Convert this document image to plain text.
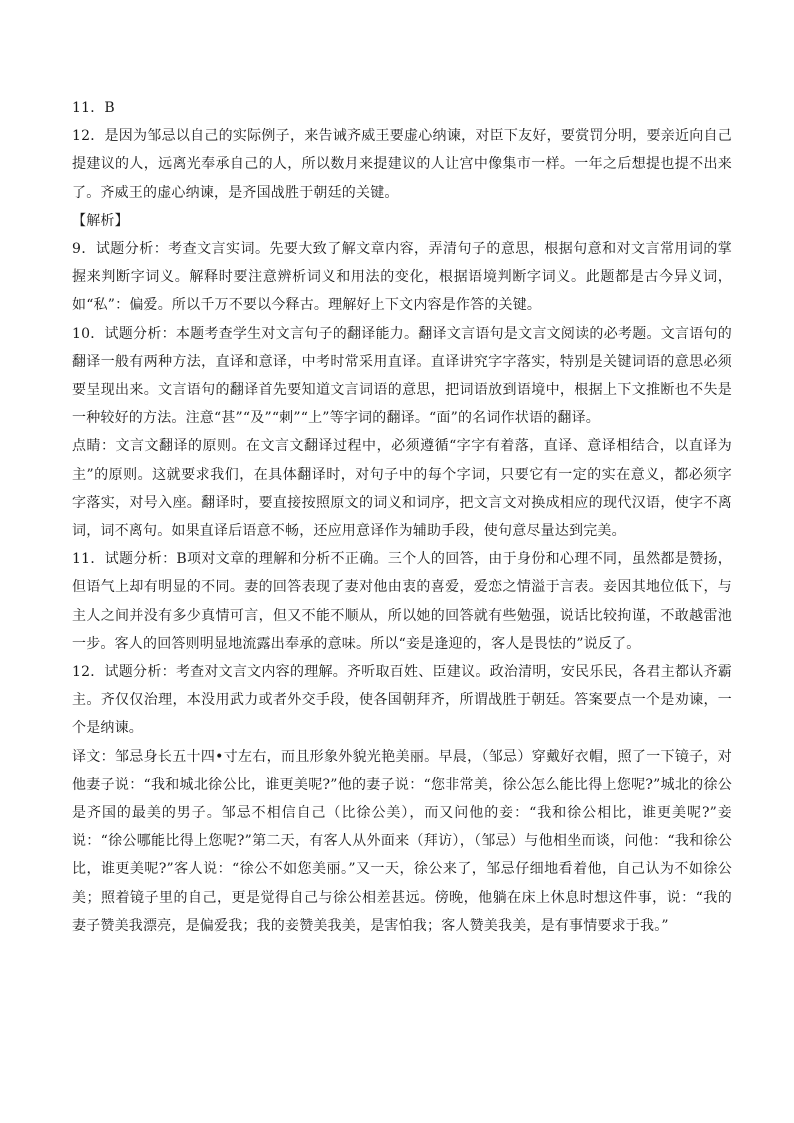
11．B

12．是因为邹忌以自己的实际例子，来告诫齐威王要虚心纳谏，对臣下友好，要赏罚分明，要亲近向自己提建议的人，远离光奉承自己的人，所以数月来提建议的人让宫中像集市一样。一年之后想提也提不出来了。齐威王的虚心纳谏，是齐国战胜于朝廷的关键。

【解析】

9．试题分析：考查文言实词。先要大致了解文章内容，弄清句子的意思，根据句意和对文言常用词的掌握来判断字词义。解释时要注意辨析词义和用法的变化，根据语境判断字词义。此题都是古今异义词，如“私”：偏爱。所以千万不要以今释古。理解好上下文内容是作答的关键。

10．试题分析：本题考查学生对文言句子的翻译能力。翻译文言语句是文言文阅读的必考题。文言语句的翻译一般有两种方法，直译和意译，中考时常采用直译。直译讲究字字落实，特别是关键词语的意思必须要呈现出来。文言语句的翻译首先要知道文言词语的意思，把词语放到语境中，根据上下文推断也不失是一种较好的方法。注意“甚”“及”“刺”“上”等字词的翻译。“面”的名词作状语的翻译。

点睛：文言文翻译的原则。在文言文翻译过程中，必须遵循“字字有着落，直译、意译相结合，以直译为主”的原则。这就要求我们，在具体翻译时，对句子中的每个字词，只要它有一定的实在意义，都必须字字落实，对号入座。翻译时，要直接按照原文的词义和词序，把文言文对换成相应的现代汉语，使字不离词，词不离句。如果直译后语意不畅，还应用意译作为辅助手段，使句意尽量达到完美。

11．试题分析：B项对文章的理解和分析不正确。三个人的回答，由于身份和心理不同，虽然都是赞扬，但语气上却有明显的不同。妻的回答表现了妻对他由衷的喜爱，爱恋之情溢于言表。妾因其地位低下，与主人之间并没有多少真情可言，但又不能不顺从，所以她的回答就有些勉强，说话比较拘谨，不敢越雷池一步。客人的回答则明显地流露出奉承的意味。所以“妾是逢迎的，客人是畏怯的”说反了。

12．试题分析：考查对文言文内容的理解。齐听取百姓、臣建议。政治清明，安民乐民，各君主都认齐霸主。齐仅仅治理，本没用武力或者外交手段，使各国朝拜齐，所谓战胜于朝廷。答案要点一个是劝谏，一个是纳谏。

译文：邹忌身长五十四•寸左右，而且形象外貌光艳美丽。早晨，（邹忌）穿戴好衣帽，照了一下镜子，对他妻子说：“我和城北徐公比，谁更美呢?”他的妻子说：“您非常美，徐公怎么能比得上您呢?”城北的徐公是齐国的最美的男子。邹忌不相信自己（比徐公美），而又问他的妾：“我和徐公相比，谁更美呢?”妾说：“徐公哪能比得上您呢?”第二天，有客人从外面来（拜访），（邹忌）与他相坐而谈，问他：“我和徐公比，谁更美呢?”客人说：“徐公不如您美丽。”又一天，徐公来了，邹忌仔细地看着他，自己认为不如徐公美；照着镜子里的自己，更是觉得自己与徐公相差甚远。傍晚，他躺在床上休息时想这件事，说：“我的妻子赞美我漂亮，是偏爱我；我的妾赞美我美，是害怕我；客人赞美我美，是有事情要求于我。”
